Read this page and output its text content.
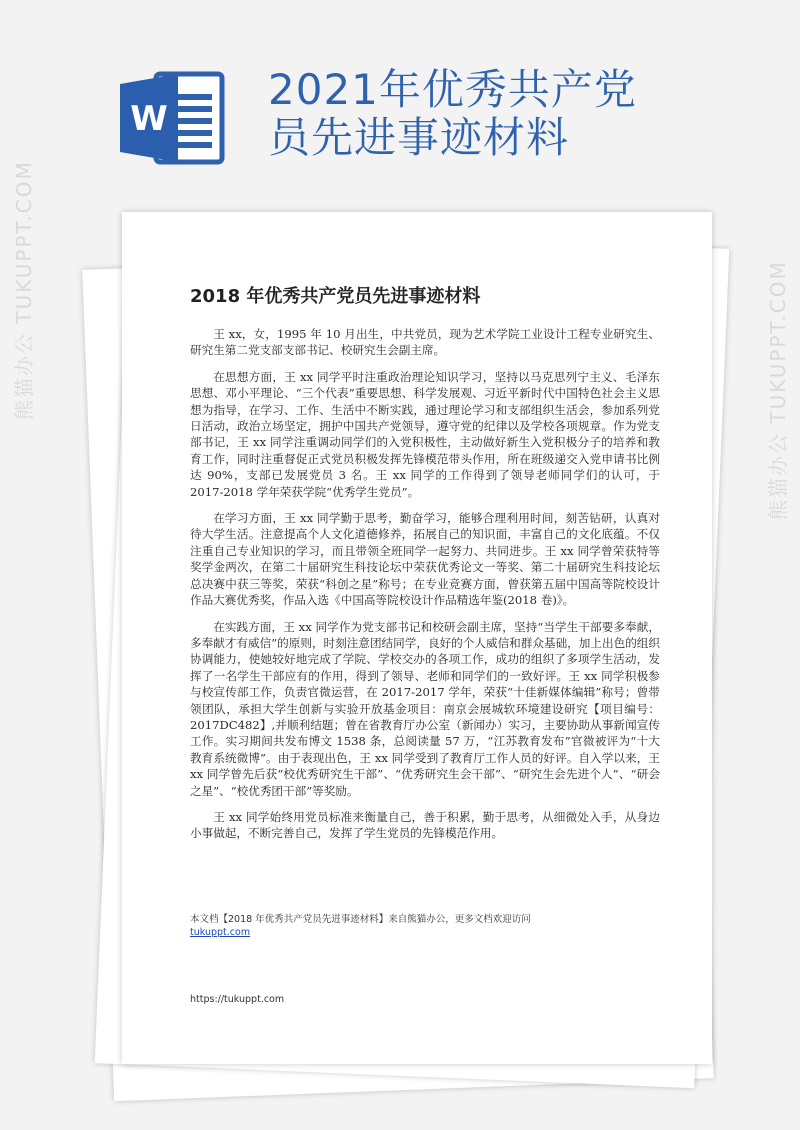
W
2021年优秀共产党
员先进事迹材料
2018 年优秀共产党员先进事迹材料

王 xx，女，1995 年 10 月出生，中共党员，现为艺术学院工业设计工程专业研究生、研究生第二党支部支部书记、校研究生会副主席。

在思想方面，王 xx 同学平时注重政治理论知识学习，坚持以马克思列宁主义、毛泽东思想、邓小平理论、“三个代表”重要思想、科学发展观、习近平新时代中国特色社会主义思想为指导，在学习、工作、生活中不断实践，通过理论学习和支部组织生活会，参加系列党日活动，政治立场坚定，拥护中国共产党领导，遵守党的纪律以及学校各项规章。作为党支部书记，王 xx 同学注重调动同学们的入党积极性，主动做好新生入党积极分子的培养和教育工作，同时注重督促正式党员积极发挥先锋模范带头作用，所在班级递交入党申请书比例达 90%，支部已发展党员 3 名。王 xx 同学的工作得到了领导老师同学们的认可，于 2017-2018 学年荣获学院“优秀学生党员”。

在学习方面，王 xx 同学勤于思考，勤奋学习，能够合理利用时间，刻苦钻研，认真对待大学生活。注意提高个人文化道德修养，拓展自己的知识面，丰富自己的文化底蕴。不仅注重自己专业知识的学习，而且带领全班同学一起努力、共同进步。王 xx 同学曾荣获特等奖学金两次，在第二十届研究生科技论坛中荣获优秀论文一等奖、第二十届研究生科技论坛总决赛中获三等奖，荣获“科创之星”称号；在专业竞赛方面，曾获第五届中国高等院校设计作品大赛优秀奖，作品入选《中国高等院校设计作品精选年鉴(2018 卷)》。

在实践方面，王 xx 同学作为党支部书记和校研会副主席，坚持“当学生干部要多奉献，多奉献才有威信”的原则，时刻注意团结同学，良好的个人威信和群众基础，加上出色的组织协调能力，使她较好地完成了学院、学校交办的各项工作，成功的组织了多项学生活动，发挥了一名学生干部应有的作用，得到了领导、老师和同学们的一致好评。王 xx 同学积极参与校宣传部工作，负责官微运营，在 2017-2017 学年，荣获“十佳新媒体编辑”称号；曾带领团队，承担大学生创新与实验开放基金项目：南京会展城软环境建设研究【项目编号：2017DC482】,并顺利结题；曾在省教育厅办公室（新闻办）实习，主要协助从事新闻宣传工作。实习期间共发布博文 1538 条，总阅读量 57 万，“江苏教育发布”官微被评为“十大教育系统微博”。由于表现出色，王 xx 同学受到了教育厅工作人员的好评。自入学以来，王 xx 同学曾先后获“校优秀研究生干部”、“优秀研究生会干部”、“研究生会先进个人”、“研会之星”、“校优秀团干部”等奖励。

王 xx 同学始终用党员标准来衡量自己，善于积累，勤于思考，从细微处入手，从身边小事做起，不断完善自己，发挥了学生党员的先锋模范作用。

本文档【2018 年优秀共产党员先进事迹材料】来自熊猫办公，更多文档欢迎访问
tukuppt.com
https://tukuppt.com
熊猫办公 TUKUPPT.COM	熊猫办公 TUKUPPT.COM
